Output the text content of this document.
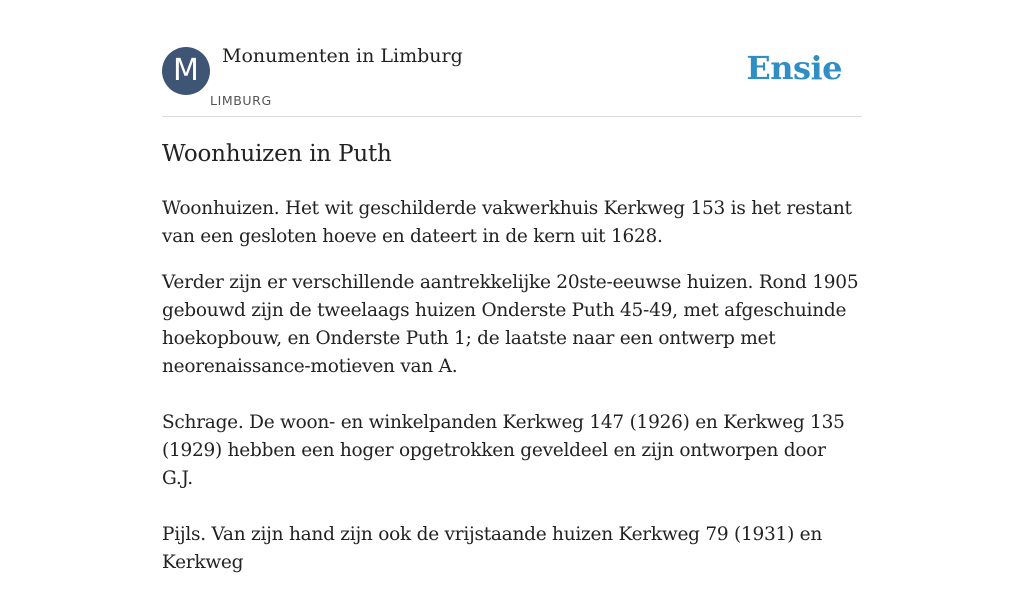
M	Monumenten in Limburg
LIMBURG
Ensie
Woonhuizen in Puth

Woonhuizen. Het wit geschilderde vakwerkhuis Kerkweg 153 is het restant van een gesloten hoeve en dateert in de kern uit 1628.

Verder zijn er verschillende aantrekkelijke 20ste-eeuwse huizen. Rond 1905 gebouwd zijn de tweelaags huizen Onderste Puth 45-49, met afgeschuinde hoekopbouw, en Onderste Puth 1; de laatste naar een ontwerp met neorenaissance-motieven van A.

Schrage. De woon- en winkelpanden Kerkweg 147 (1926) en Kerkweg 135 (1929) hebben een hoger opgetrokken geveldeel en zijn ontworpen door G.J.

Pijls. Van zijn hand zijn ook de vrijstaande huizen Kerkweg 79 (1931) en Kerkweg
